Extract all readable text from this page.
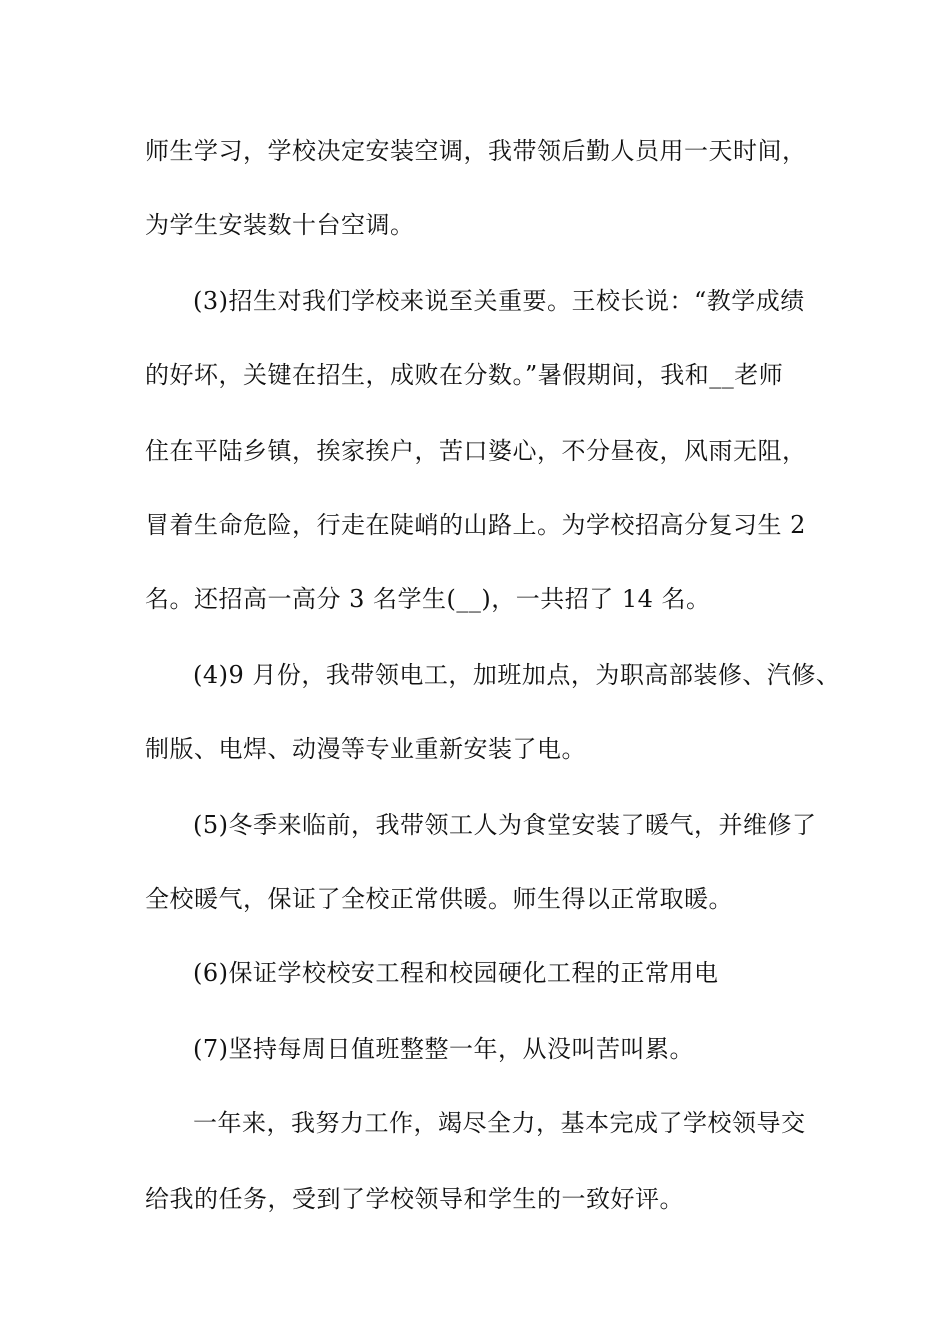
师生学习，学校决定安装空调，我带领后勤人员用一天时间，
为学生安装数十台空调。
(3)招生对我们学校来说至关重要。王校长说：“教学成绩
的好坏，关键在招生，成败在分数。”暑假期间，我和__老师
住在平陆乡镇，挨家挨户，苦口婆心，不分昼夜，风雨无阻，
冒着生命危险，行走在陡峭的山路上。为学校招高分复习生 2
名。还招高一高分 3 名学生(__)，一共招了 14 名。
(4)9 月份，我带领电工，加班加点，为职高部装修、汽修、
制版、电焊、动漫等专业重新安装了电。
(5)冬季来临前，我带领工人为食堂安装了暖气，并维修了
全校暖气，保证了全校正常供暖。师生得以正常取暖。
(6)保证学校校安工程和校园硬化工程的正常用电
(7)坚持每周日值班整整一年，从没叫苦叫累。
一年来，我努力工作，竭尽全力，基本完成了学校领导交
给我的任务，受到了学校领导和学生的一致好评。
